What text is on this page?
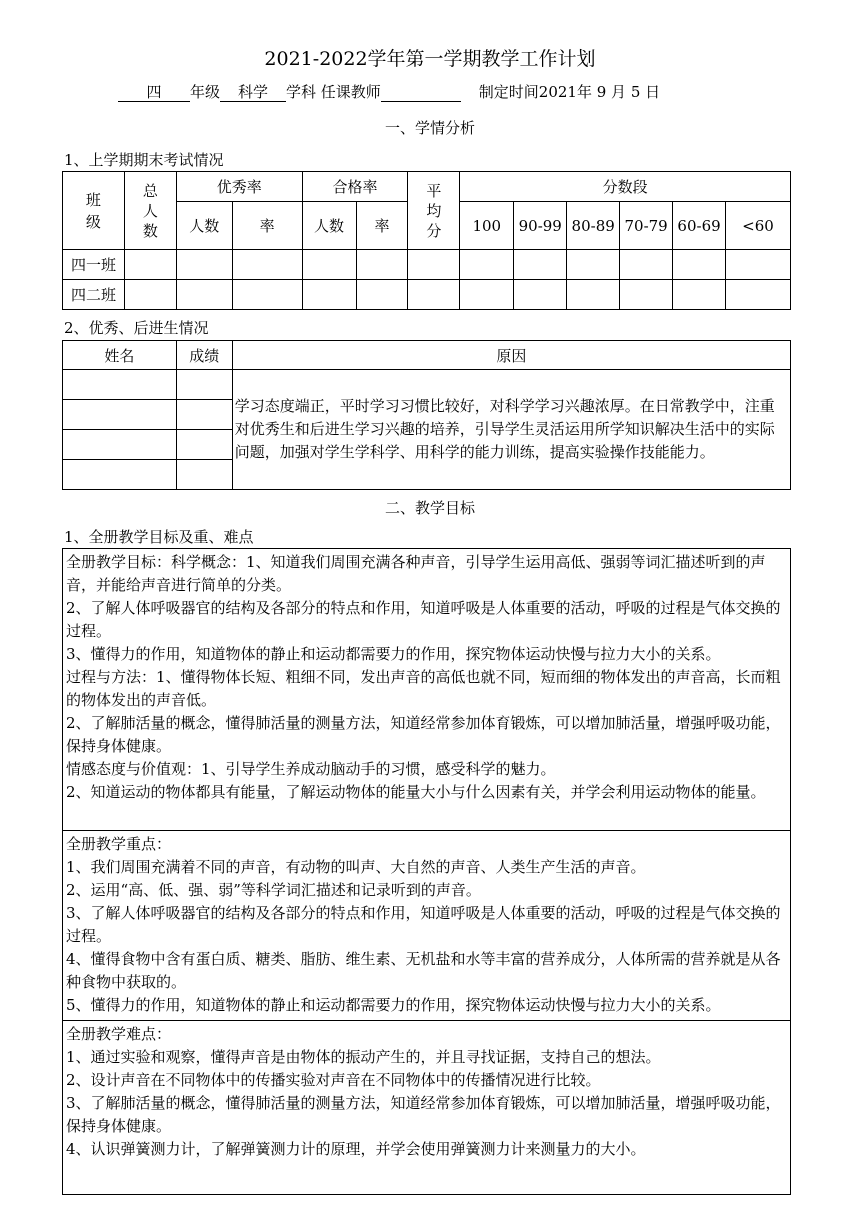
2021-2022学年第一学期教学工作计划
四 年级 科学 学科 任课教师	制定时间2021年 9 月 5 日
一、学情分析
1、上学期期末考试情况
班级	总人数	优秀率		合格率		平均分	分数段					
		人数	率	人数	率		100	90-99	80-89	70-79	60-69	<60
四一班												
四二班												
2、优秀、后进生情况
姓名	成绩	原因
		学习态度端正，平时学习习惯比较好，对科学学习兴趣浓厚。在日常教学中，注重对优秀生和后进生学习兴趣的培养，引导学生灵活运用所学知识解决生活中的实际问题，加强对学生学科学、用科学的能力训练，提高实验操作技能能力。

二、教学目标
1、全册教学目标及重、难点
全册教学目标：科学概念：1、知道我们周围充满各种声音，引导学生运用高低、强弱等词汇描述听到的声音，并能给声音进行简单的分类。
2、了解人体呼吸器官的结构及各部分的特点和作用，知道呼吸是人体重要的活动，呼吸的过程是气体交换的过程。
3、懂得力的作用，知道物体的静止和运动都需要力的作用，探究物体运动快慢与拉力大小的关系。
过程与方法：1、懂得物体长短、粗细不同，发出声音的高低也就不同，短而细的物体发出的声音高，长而粗的物体发出的声音低。
2、了解肺活量的概念，懂得肺活量的测量方法，知道经常参加体育锻炼，可以增加肺活量，增强呼吸功能，保持身体健康。
情感态度与价值观：1、引导学生养成动脑动手的习惯，感受科学的魅力。
2、知道运动的物体都具有能量，了解运动物体的能量大小与什么因素有关，并学会利用运动物体的能量。

全册教学重点：
1、我们周围充满着不同的声音，有动物的叫声、大自然的声音、人类生产生活的声音。
2、运用“高、低、强、弱”等科学词汇描述和记录听到的声音。
3、了解人体呼吸器官的结构及各部分的特点和作用，知道呼吸是人体重要的活动，呼吸的过程是气体交换的过程。
4、懂得食物中含有蛋白质、糖类、脂肪、维生素、无机盐和水等丰富的营养成分，人体所需的营养就是从各种食物中获取的。
5、懂得力的作用，知道物体的静止和运动都需要力的作用，探究物体运动快慢与拉力大小的关系。

全册教学难点：
1、通过实验和观察，懂得声音是由物体的振动产生的，并且寻找证据，支持自己的想法。
2、设计声音在不同物体中的传播实验对声音在不同物体中的传播情况进行比较。
3、了解肺活量的概念，懂得肺活量的测量方法，知道经常参加体育锻炼，可以增加肺活量，增强呼吸功能，保持身体健康。
4、认识弹簧测力计，了解弹簧测力计的原理，并学会使用弹簧测力计来测量力的大小。
